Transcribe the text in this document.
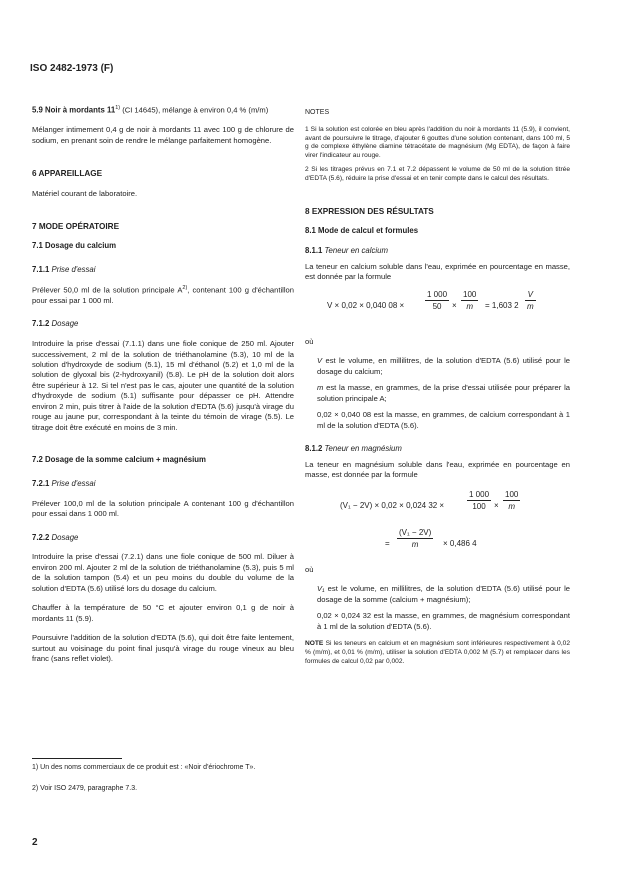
ISO 2482-1973 (F)

5.9 Noir à mordants 11$^{1)}$ (CI 14645), mélange à environ 0,4 % (m/m)

Mélanger intimement 0,4 g de noir à mordants 11 avec 100 g de chlorure de sodium, en prenant soin de rendre le mélange parfaitement homogène.

6 APPAREILLAGE

Matériel courant de laboratoire.

7 MODE OPÉRATOIRE

7.1 Dosage du calcium

7.1.1 Prise d'essai

Prélever 50,0 ml de la solution principale $A^{2)}$, contenant 100 g d'échantillon pour essai par 1 000 ml.

7.1.2 Dosage

Introduire la prise d'essai (7.1.1) dans une fiole conique de 250 ml. Ajouter successivement, 2 ml de la solution de triéthanolamine (5.3), 10 ml de la solution d'hydroxyde de sodium (5.1), 15 ml d'éthanol (5.2) et 1,0 ml de la solution de glyoxal bis (2-hydroxyanil) (5.8). Le pH de la solution doit alors être supérieur à 12. Si tel n'est pas le cas, ajouter une quantité de la solution d'hydroxyde de sodium (5.1) suffisante pour dépasser ce pH. Attendre environ 2 min, puis titrer à l'aide de la solution d'EDTA (5.6) jusqu'à virage du rouge au jaune pur, correspondant à la teinte du témoin de virage (5.5). Le titrage doit être exécuté en moins de 3 min.

7.2 Dosage de la somme calcium + magnésium

7.2.1 Prise d'essai

Prélever 100,0 ml de la solution principale A contenant 100 g d'échantillon pour essai dans 1 000 ml.

7.2.2 Dosage

Introduire la prise d'essai (7.2.1) dans une fiole conique de 500 ml. Diluer à environ 200 ml. Ajouter 2 ml de la solution de triéthanolamine (5.3), puis 5 ml de la solution tampon (5.4) et un peu moins du double du volume de la solution d'EDTA (5.6) utilisé lors du dosage du calcium.

Chauffer à la température de 50 °C et ajouter environ 0,1 g de noir à mordants 11 (5.9).

Poursuivre l'addition de la solution d'EDTA (5.6), qui doit être faite lentement, surtout au voisinage du point final jusqu'à virage du rouge vineux au bleu franc (sans reflet violet).

NOTES

1 Si la solution est colorée en bleu après l'addition du noir à mordants 11 (5.9), il convient, avant de poursuivre le titrage, d'ajouter 6 gouttes d'une solution contenant, dans 100 ml, 5 g de complexe éthylène diamine tétracétate de magnésium (Mg EDTA), de façon à faire virer l'indicateur au rouge.

2 Si les titrages prévus en 7.1 et 7.2 dépassent le volume de 50 ml de la solution titrée d'EDTA (5.6), réduire la prise d'essai et en tenir compte dans le calcul des résultats.

8 EXPRESSION DES RÉSULTATS

8.1 Mode de calcul et formules

8.1.1 Teneur en calcium

La teneur en calcium soluble dans l'eau, exprimée en pourcentage en masse, est donnée par la formule

V × 0,02 × 0,040 08 ×	$\frac{1 000}{50} \times \frac{100}{m} = 1,603$ $2 \frac{V}{m}$

où

V est le volume, en millilitres, de la solution d'EDTA (5.6) utilisé pour le dosage du calcium;

m est la masse, en grammes, de la prise d'essai utilisée pour préparer la solution principale A;

0,02 × 0,040 08 est la masse, en grammes, de calcium correspondant à 1 ml de la solution d'EDTA (5.6).

8.1.2 Teneur en magnésium

La teneur en magnésium soluble dans l'eau, exprimée en pourcentage en masse, est donnée par la formule

(V₁ − 2V) × 0,02 × 0,024 32 ×	$\frac{1 000}{100} \times \frac{100}{m}$
= $\frac{\text{(V₁ − 2V)}}{m} \times 0,486$ 4

où

V₁ est le volume, en millilitres, de la solution d'EDTA (5.6) utilisé pour le dosage de la somme (calcium + magnésium);

0,02 × 0,024 32 est la masse, en grammes, de magnésium correspondant à 1 ml de la solution d'EDTA (5.6).

NOTE Si les teneurs en calcium et en magnésium sont inférieures respectivement à 0,02 % (m/m), et 0,01 % (m/m), utiliser la solution d'EDTA 0,002 M (5.7) et remplacer dans les formules de calcul 0,02 par 0,002.

1) Un des noms commerciaux de ce produit est : «Noir d'ériochrome T».
2) Voir ISO 2479, paragraphe 7.3.
2
